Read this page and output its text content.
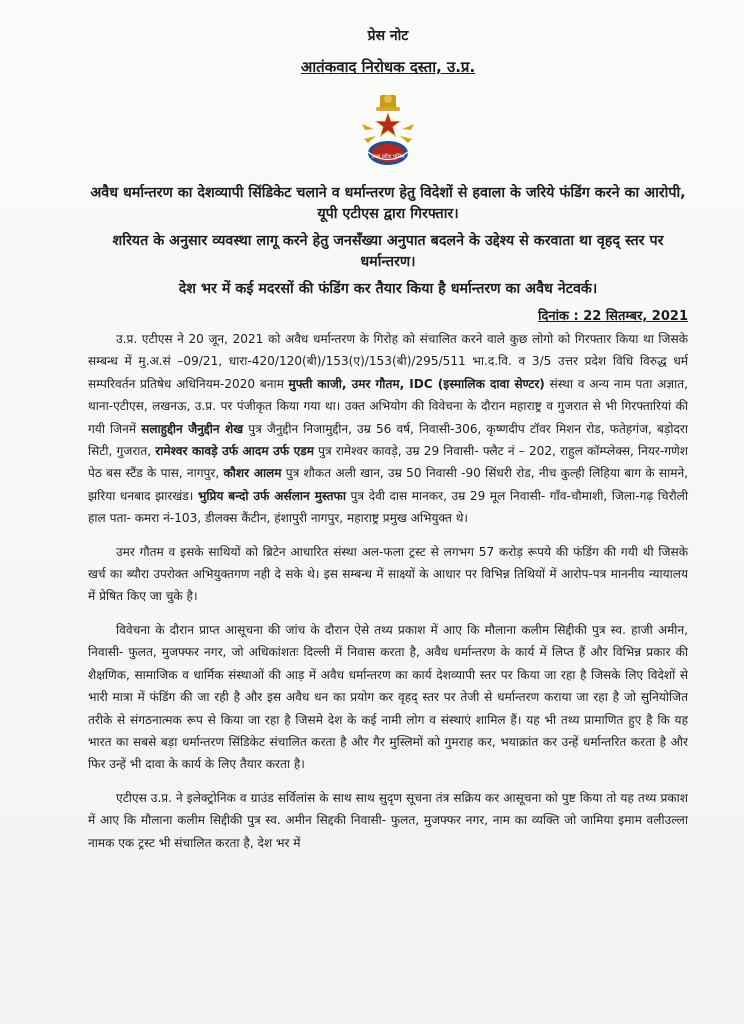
प्रेस नोट
आतंकवाद निरोधक दस्ता, उ.प्र.
उत्तर प्रदेश पुलिस
अवैध धर्मान्तरण का देशव्यापी सिंडिकेट चलाने व धर्मान्तरण हेतु विदेशों से हवाला के जरिये फंडिंग करने का आरोपी, यूपी एटीएस द्वारा गिरफ्तार।
शरियत के अनुसार व्यवस्था लागू करने हेतु जनसँख्या अनुपात बदलने के उद्देश्य से करवाता था वृहद् स्तर पर धर्मान्तरण।
देश भर में कई मदरसों की फंडिंग कर तैयार किया है धर्मान्तरण का अवैध नेटवर्क।
दिनांक : 22 सितम्बर, 2021

उ.प्र. एटीएस ने 20 जून, 2021 को अवैध धर्मान्तरण के गिरोह को संचालित करने वाले कुछ लोगो को गिरफ्तार किया था जिसके सम्बन्ध में मु.अ.सं –09/21, धारा-420/120(बी)/153(ए)/153(बी)/295/511 भा.द.वि. व 3/5 उत्तर प्रदेश विधि विरुद्ध धर्म सम्परिवर्तन प्रतिषेध अधिनियम-2020 बनाम मुफ्ती काजी, उमर गौतम, IDC (इस्मालिक दावा सेण्टर) संस्था व अन्य नाम पता अज्ञात, थाना-एटीएस, लखनऊ, उ.प्र. पर पंजीकृत किया गया था। उक्त अभियोग की विवेचना के दौरान महाराष्ट्र व गुजरात से भी गिरफ्तारियां की गयी जिनमें सलाहुद्दीन जैनुद्दीन शेख पुत्र जैनुद्दीन निजामुद्दीन, उम्र 56 वर्ष, निवासी-306, कृष्णदीप टॉवर मिशन रोड, फतेहगंज, बड़ोदरा सिटी, गुजरात, रामेश्वर कावड़े उर्फ आदम उर्फ एडम पुत्र रामेश्वर कावड़े, उम्र 29 निवासी- फ्लैट नं – 202, राहुल कॉम्प्लेक्स, नियर-गणेश पेठ बस स्टैंड के पास, नागपुर, कौशर आलम पुत्र शौकत अली खान, उम्र 50 निवासी -90 सिंधरी रोड, नीच कुल्ही लिहिया बाग के सामने, झरिया धनबाद झारखंड। भुप्रिय बन्दो उर्फ अर्सलान मुस्तफा पुत्र देवी दास मानकर, उम्र 29 मूल निवासी- गाँव-चौमाशी, जिला-गढ़ चिरौली हाल पता- कमरा नं-103, डीलक्स कैंटीन, हंशापुरी नागपुर, महाराष्ट्र प्रमुख अभियुक्त थे।

उमर गौतम व इसके साथियों को ब्रिटेन आधारित संस्था अल-फला ट्रस्ट से लगभग 57 करोड़ रूपये की फंडिंग की गयी थी जिसके खर्च का ब्यौरा उपरोक्त अभियुक्तगण नही दे सके थे। इस सम्बन्ध में साक्ष्यों के आधार पर विभिन्न तिथियों में आरोप-पत्र माननीय न्यायालय में प्रेषित किए जा चुके है।

विवेचना के दौरान प्राप्त आसूचना की जांच के दौरान ऐसे तथ्य प्रकाश में आए कि मौलाना कलीम सिद्दीकी पुत्र स्व. हाजी अमीन, निवासी- फुलत, मुजफ्फर नगर, जो अधिकांशतः दिल्ली में निवास करता है, अवैध धर्मान्तरण के कार्य में लिप्त हैं और विभिन्न प्रकार की शैक्षणिक, सामाजिक व धार्मिक संस्थाओं की आड़ में अवैध धर्मान्तरण का कार्य देशव्यापी स्तर पर किया जा रहा है जिसके लिए विदेशों से भारी मात्रा में फंडिंग की जा रही है और इस अवैध धन का प्रयोग कर वृहद् स्तर पर तेजी से धर्मान्तरण कराया जा रहा है जो सुनियोजित तरीके से संगठनात्मक रूप से किया जा रहा है जिसमे देश के कई नामी लोग व संस्थाएं शामिल हैं। यह भी तथ्य प्रामाणित हुए है कि यह भारत का सबसे बड़ा धर्मान्तरण सिंडिकेट संचालित करता है और गैर मुस्लिमों को गुमराह कर, भयाक्रांत कर उन्हें धर्मान्तरित करता है और फिर उन्हें भी दावा के कार्य के लिए तैयार करता है।

एटीएस उ.प्र. ने इलेक्ट्रोनिक व ग्राउंड सर्विलांस के साथ साथ सुदृण सूचना तंत्र सक्रिय कर आसूचना को पुष्ट किया तो यह तथ्य प्रकाश में आए कि मौलाना कलीम सिद्दीकी पुत्र स्व. अमीन सिद्दकी निवासी- फुलत, मुजफ्फर नगर, नाम का व्यक्ति जो जामिया इमाम वलीउल्ला नामक एक ट्रस्ट भी संचालित करता है, देश भर में
